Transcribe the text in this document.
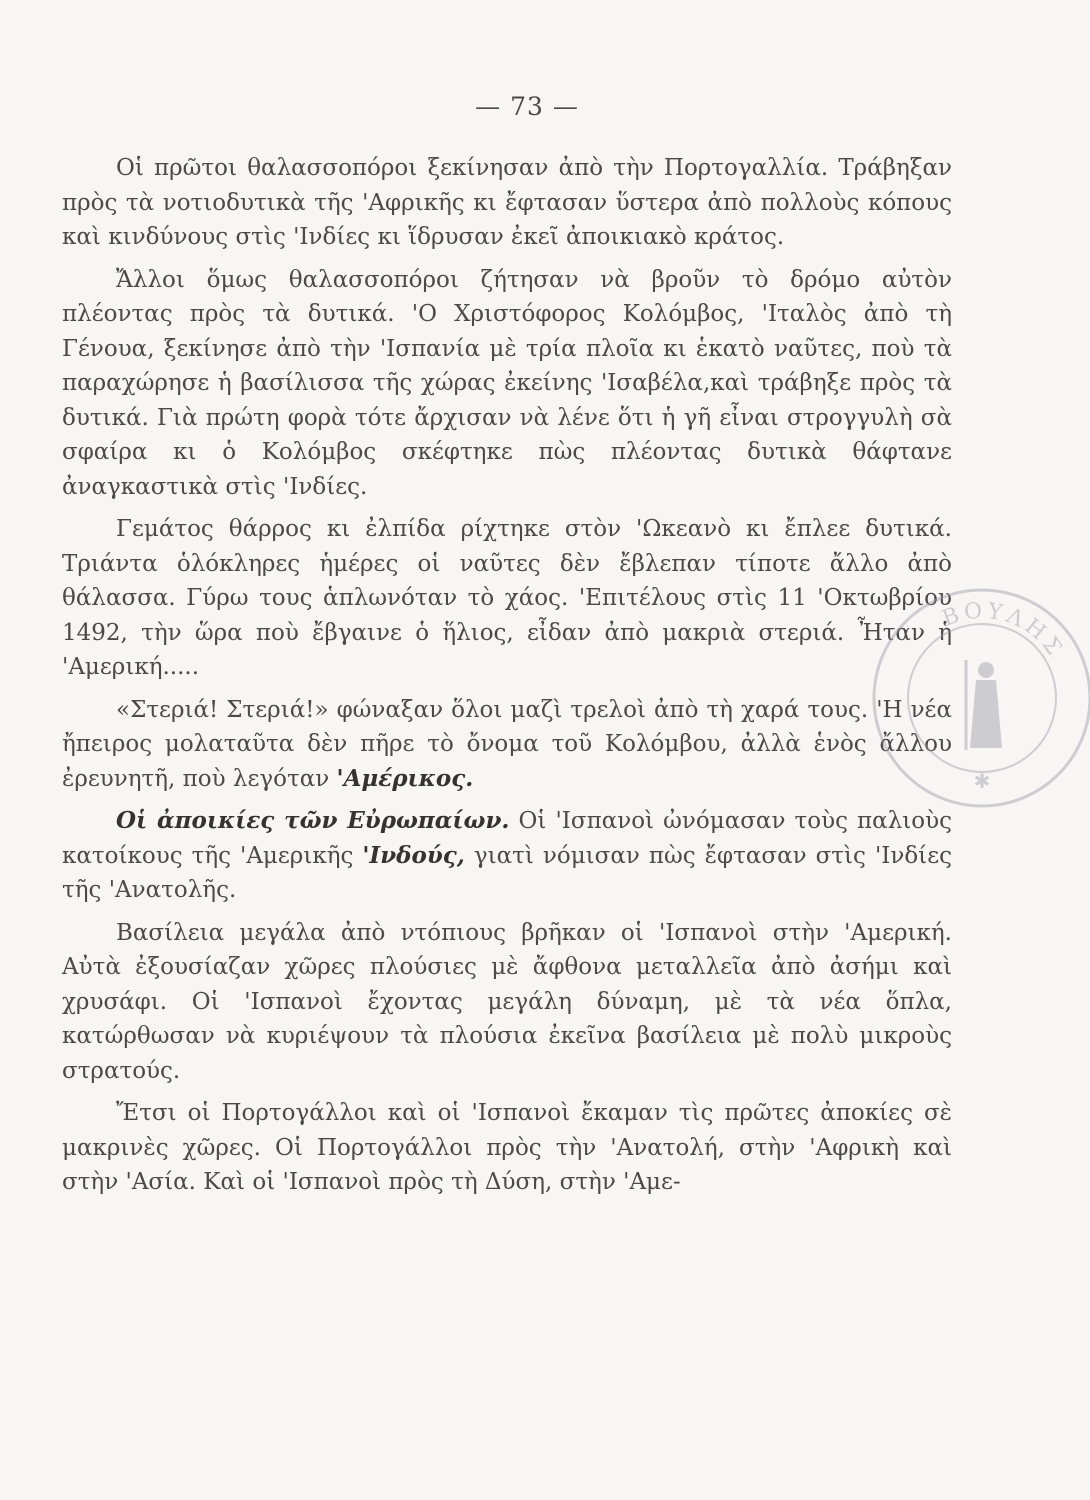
— 73 —

Οἱ πρῶτοι θαλασσοπόροι ξεκίνησαν ἀπὸ τὴν Πορτογαλλία. Τράβηξαν πρὸς τὰ νοτιοδυτικὰ τῆς 'Αφρικῆς κι ἔφτασαν ὕστερα ἀπὸ πολλοὺς κόπους καὶ κινδύνους στὶς 'Ινδίες κι ἵδρυσαν ἐκεῖ ἀποικιακὸ κράτος.

Ἄλλοι ὅμως θαλασσοπόροι ζήτησαν νὰ βροῦν τὸ δρόμο αὐτὸν πλέοντας πρὸς τὰ δυτικά. 'Ο Χριστόφορος Κολόμβος, 'Ιταλὸς ἀπὸ τὴ Γένουα, ξεκίνησε ἀπὸ τὴν 'Ισπανία μὲ τρία πλοῖα κι ἑκατὸ ναῦτες, ποὺ τὰ παραχώρησε ἡ βασίλισσα τῆς χώρας ἐκείνης 'Ισαβέλα,καὶ τράβηξε πρὸς τὰ δυτικά. Γιὰ πρώτη φορὰ τότε ἄρχισαν νὰ λένε ὅτι ἡ γῆ εἶναι στρογγυλὴ σὰ σφαίρα κι ὁ Κολόμβος σκέφτηκε πὼς πλέοντας δυτικὰ θάφτανε ἀναγκαστικὰ στὶς 'Ινδίες.

Γεμάτος θάρρος κι ἐλπίδα ρίχτηκε στὸν 'Ωκεανὸ κι ἔπλεε δυτικά. Τριάντα ὁλόκληρες ἡμέρες οἱ ναῦτες δὲν ἔβλεπαν τίποτε ἄλλο ἀπὸ θάλασσα. Γύρω τους ἁπλωνόταν τὸ χάος. 'Επιτέλους στὶς 11 'Οκτωβρίου 1492, τὴν ὥρα ποὺ ἔβγαινε ὁ ἥλιος, εἶδαν ἀπὸ μακριὰ στεριά. Ἦταν ἡ 'Αμερική.....

«Στεριά! Στεριά!» φώναξαν ὅλοι μαζὶ τρελοὶ ἀπὸ τὴ χαρά τους. 'Η νέα ἤπειρος μολαταῦτα δὲν πῆρε τὸ ὄνομα τοῦ Κολόμβου, ἀλλὰ ἑνὸς ἄλλου ἐρευνητῆ, ποὺ λεγόταν 'Αμέρικος.

Οἱ ἀποικίες τῶν Εὐρωπαίων. Οἱ 'Ισπανοὶ ὠνόμασαν τοὺς παλιοὺς κατοίκους τῆς 'Αμερικῆς 'Ινδούς, γιατὶ νόμισαν πὼς ἔφτασαν στὶς 'Ινδίες τῆς 'Ανατολῆς.

Βασίλεια μεγάλα ἀπὸ ντόπιους βρῆκαν οἱ 'Ισπανοὶ στὴν 'Αμερική. Αὐτὰ ἐξουσίαζαν χῶρες πλούσιες μὲ ἄφθονα μεταλλεῖα ἀπὸ ἀσήμι καὶ χρυσάφι. Οἱ 'Ισπανοὶ ἔχοντας μεγάλη δύναμη, μὲ τὰ νέα ὅπλα, κατώρθωσαν νὰ κυριέψουν τὰ πλούσια ἐκεῖνα βασίλεια μὲ πολὺ μικροὺς στρατούς.

Ἔτσι οἱ Πορτογάλλοι καὶ οἱ 'Ισπανοὶ ἔκαμαν τὶς πρῶτες ἀποκίες σὲ μακρινὲς χῶρες. Οἱ Πορτογάλλοι πρὸς τὴν 'Ανατολή, στὴν 'Αφρικὴ καὶ στὴν 'Ασία. Καὶ οἱ 'Ισπανοὶ πρὸς τὴ Δύση, στὴν 'Αμε-

ΒΟΥΛΗΣ
✱
